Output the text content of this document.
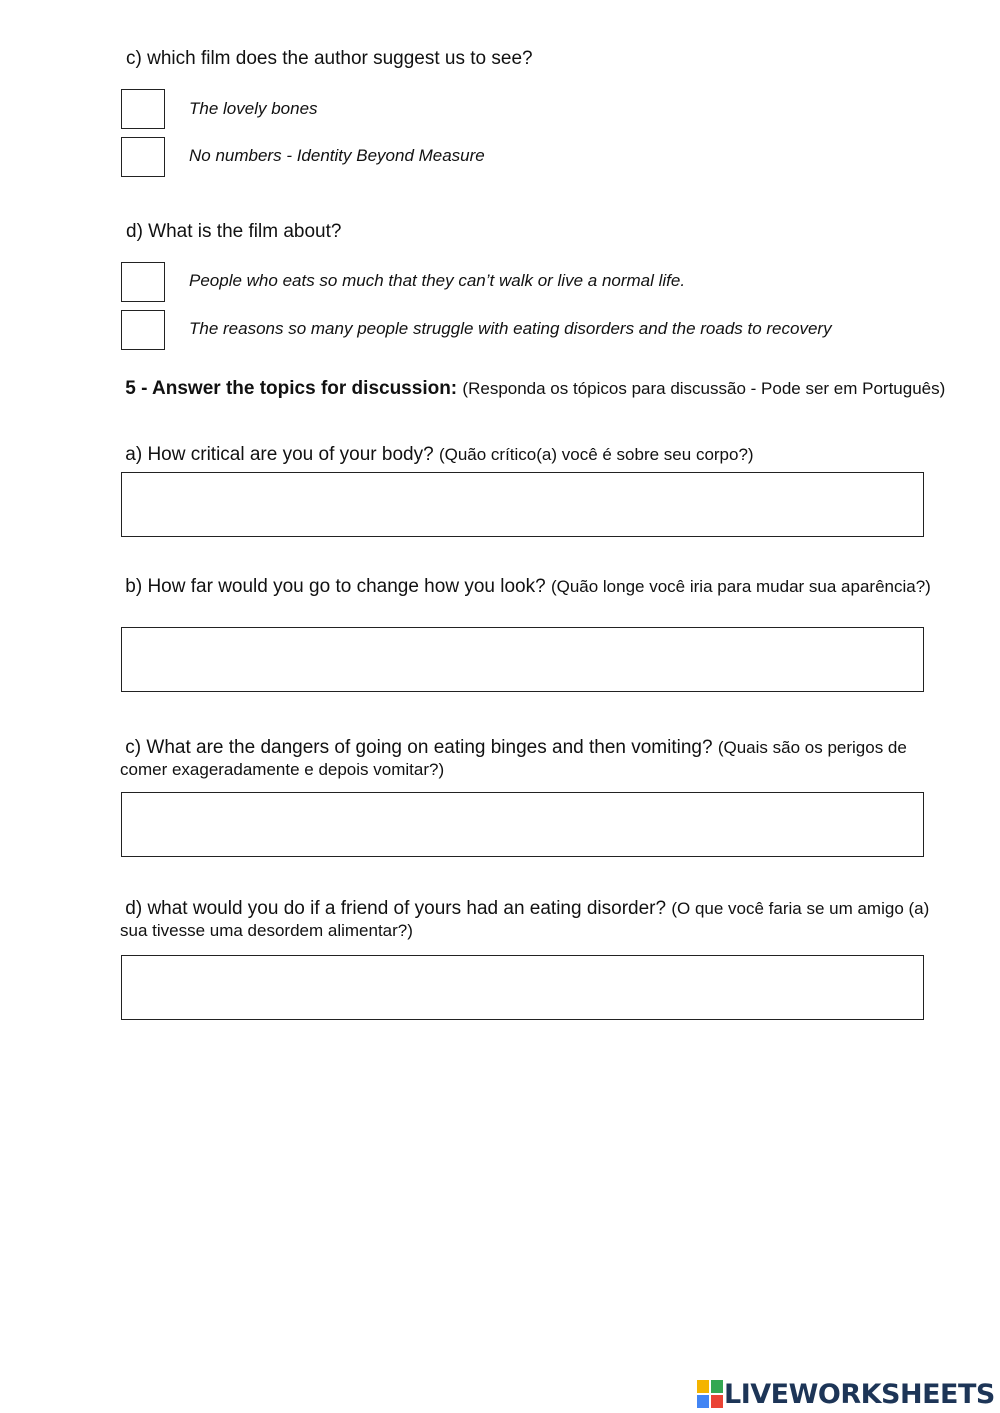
c) which film does the author suggest us to see?
The lovely bones
No numbers - Identity Beyond Measure
d) What is the film about?
People who eats so much that they can’t walk or live a normal life.
The reasons so many people struggle with eating disorders and the roads to recovery
5 - Answer the topics for discussion: (Responda os tópicos para discussão - Pode ser em Português)
a) How critical are you of your body? (Quão crítico(a) você é sobre seu corpo?)
b) How far would you go to change how you look? (Quão longe você iria para mudar sua aparência?)
c) What are the dangers of going on eating binges and then vomiting? (Quais são os perigos de comer exageradamente e depois vomitar?)
d) what would you do if a friend of yours had an eating disorder? (O que você faria se um amigo (a) sua tivesse uma desordem alimentar?)
LIVEWORKSHEETS
